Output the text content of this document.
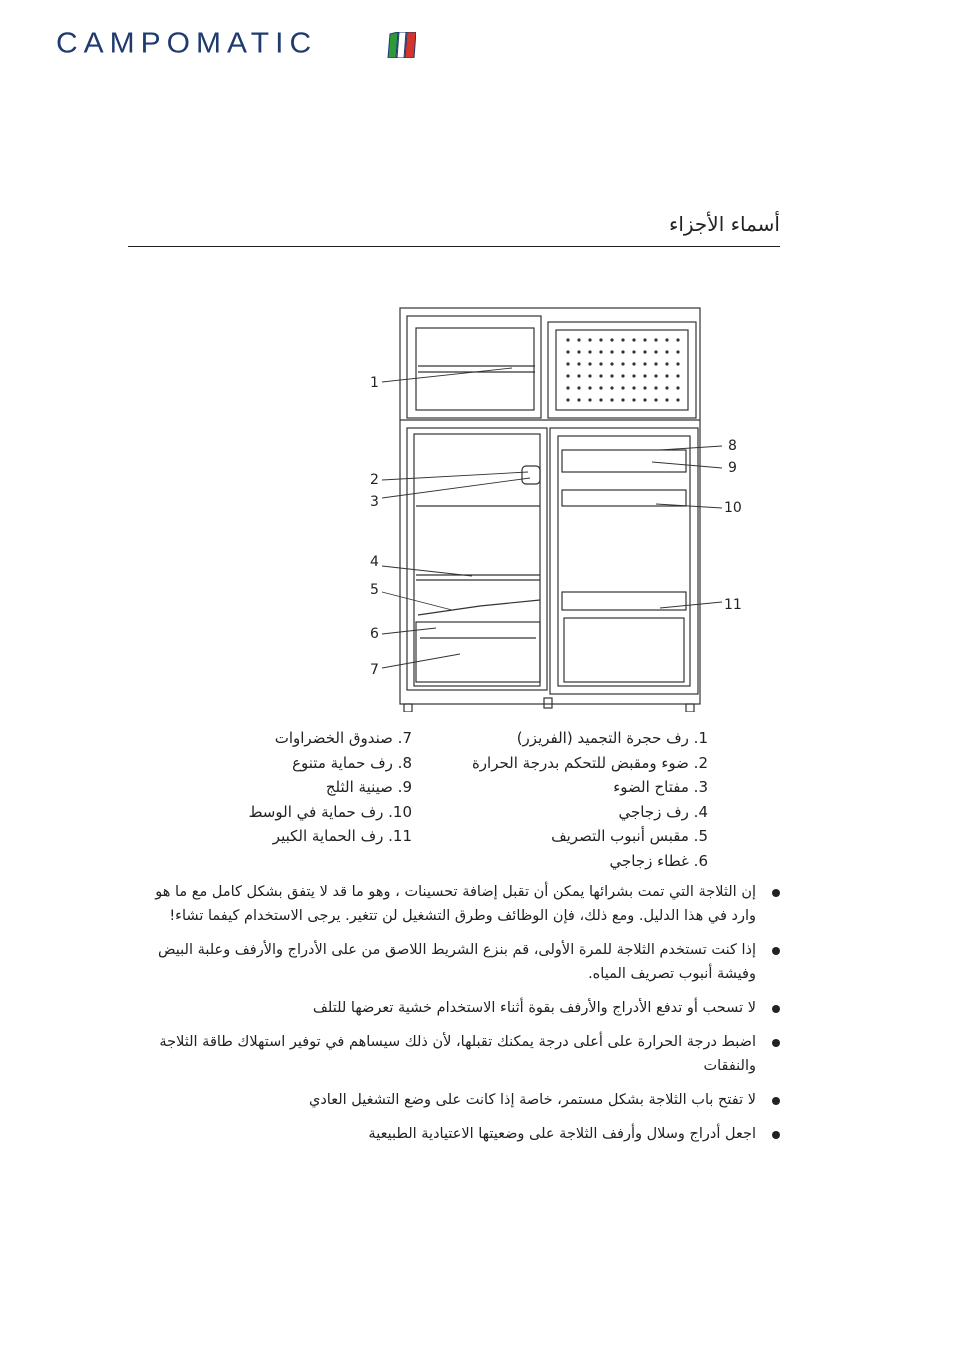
CAMPOMATIC
أسماء الأجزاء
1
2
3
4
5
6
7
8
9
10
11
1. رف حجرة التجميد (الفريزر)
2. ضوء ومقبض للتحكم بدرجة الحرارة
3. مفتاح الضوء
4. رف زجاجي
5. مقبس أنبوب التصريف
6. غطاء زجاجي
7. صندوق الخضراوات
8. رف حماية متنوع
9. صينية الثلج
10. رف حماية في الوسط
11. رف الحماية الكبير
إن الثلاجة التي تمت بشرائها يمكن أن تقبل إضافة تحسينات ، وهو ما قد لا يتفق بشكل كامل مع ما هو وارد في هذا الدليل. ومع ذلك، فإن الوظائف وطرق التشغيل لن تتغير. يرجى الاستخدام كيفما تشاء!
إذا كنت تستخدم الثلاجة للمرة الأولى، قم بنزع الشريط اللاصق من على الأدراج والأرفف وعلبة البيض وفيشة أنبوب تصريف المياه.
لا تسحب أو تدفع الأدراج والأرفف بقوة أثناء الاستخدام خشية تعرضها للتلف
اضبط درجة الحرارة على أعلى درجة يمكنك تقبلها، لأن ذلك سيساهم في توفير استهلاك طاقة الثلاجة والنفقات
لا تفتح باب الثلاجة بشكل مستمر، خاصة إذا كانت على وضع التشغيل العادي
اجعل أدراج وسلال وأرفف الثلاجة على وضعيتها الاعتيادية الطبيعية
